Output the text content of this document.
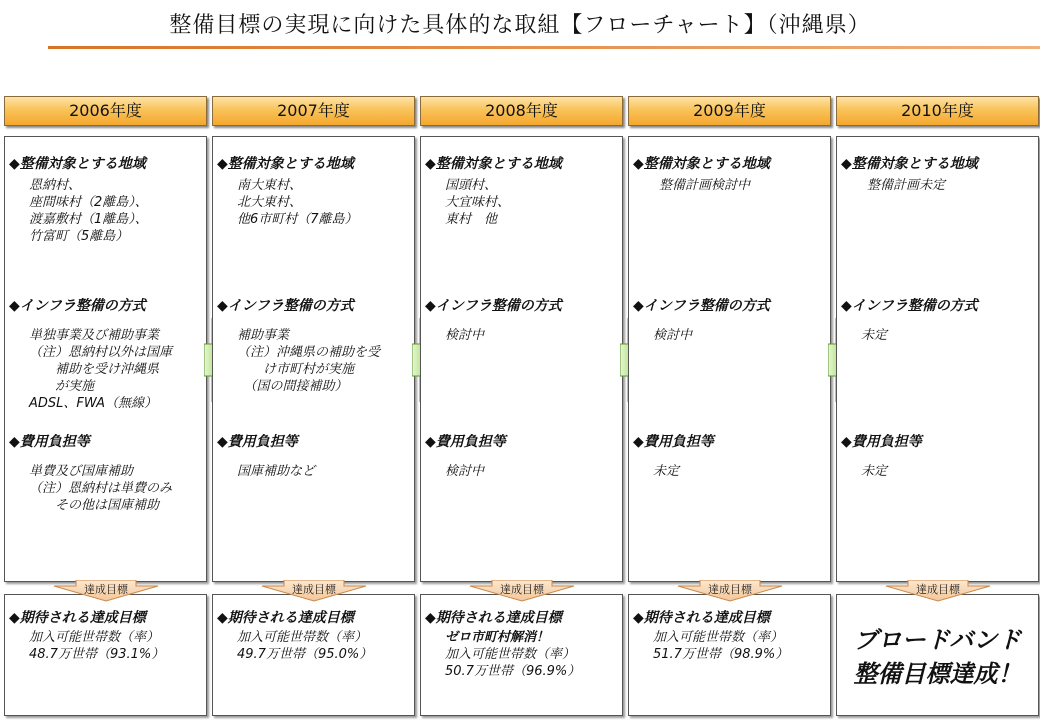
整備目標の実現に向けた具体的な取組【フローチャート】（沖縄県）
2006年度
◆整備対象とする地域
恩納村、
座間味村（2離島）、
渡嘉敷村（1離島）、
竹富町（5離島）
◆インフラ整備の方式
単独事業及び補助事業
（注）恩納村以外は国庫
　　補助を受け沖縄県
　　が実施
ADSL、FWA（無線）
◆費用負担等
単費及び国庫補助
（注）恩納村は単費のみ
　　その他は国庫補助
◆期待される達成目標
加入可能世帯数（率）
48.7万世帯（93.1%）
達成目標
2007年度
◆整備対象とする地域
南大東村、
北大東村、
他6市町村（7離島）
◆インフラ整備の方式
補助事業
（注）沖縄県の補助を受
　　け市町村が実施
　（国の間接補助）
◆費用負担等
国庫補助など
◆期待される達成目標
加入可能世帯数（率）
49.7万世帯（95.0%）
達成目標
2008年度
◆整備対象とする地域
国頭村、
大宜味村、
東村　他
◆インフラ整備の方式
検討中
◆費用負担等
検討中
◆期待される達成目標
ゼロ市町村解消！
加入可能世帯数（率）
50.7万世帯（96.9%）
達成目標
2009年度
◆整備対象とする地域
整備計画検討中
◆インフラ整備の方式
検討中
◆費用負担等
未定
◆期待される達成目標
加入可能世帯数（率）
51.7万世帯（98.9%）
達成目標
2010年度
◆整備対象とする地域
整備計画未定
◆インフラ整備の方式
未定
◆費用負担等
未定
ブロードバンド
整備目標達成！
達成目標
